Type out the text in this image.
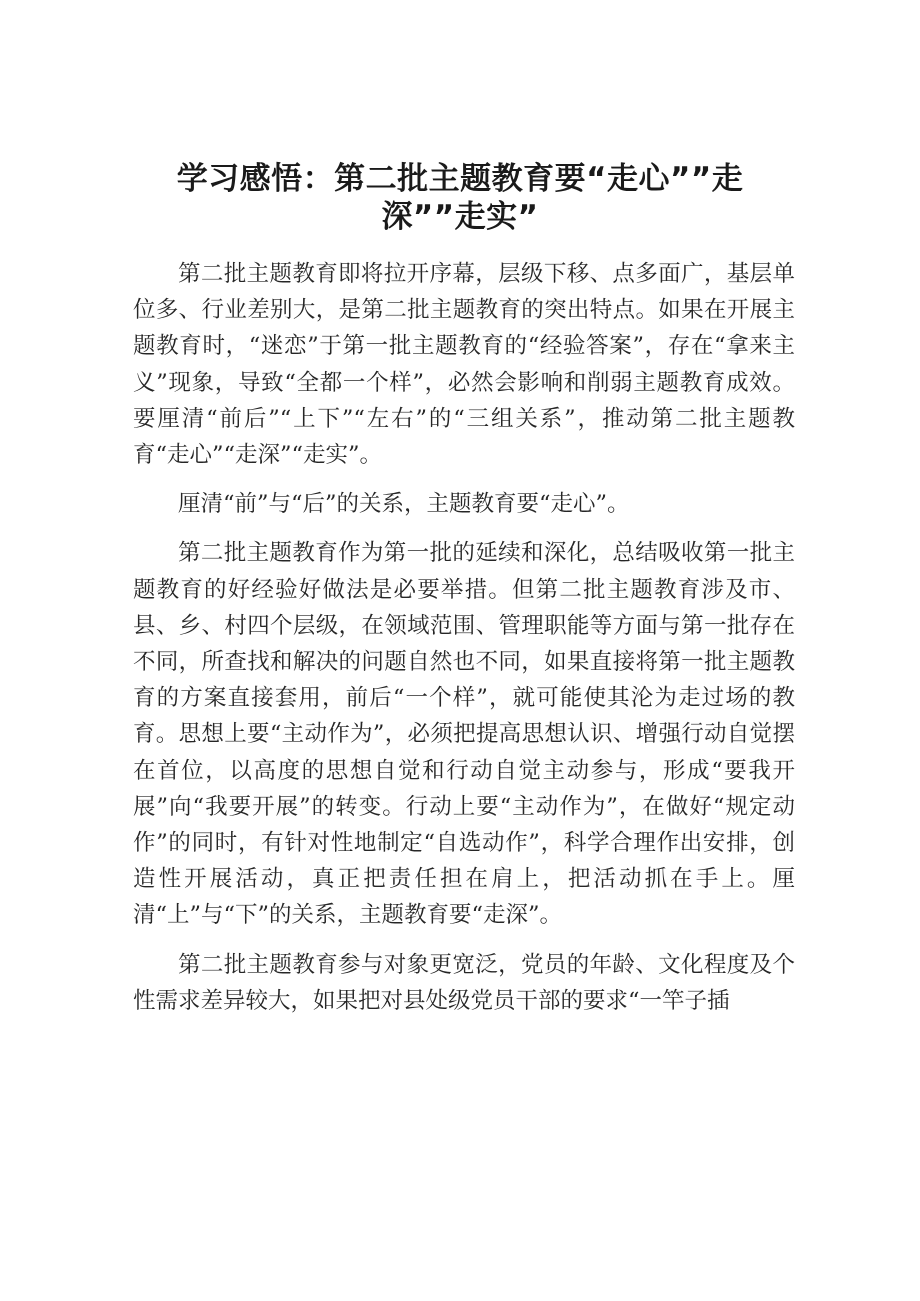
学习感悟：第二批主题教育要“走心””走
深””走实”

第二批主题教育即将拉开序幕，层级下移、点多面广，基层单位多、行业差别大，是第二批主题教育的突出特点。如果在开展主题教育时，“迷恋”于第一批主题教育的“经验答案”，存在“拿来主义”现象，导致“全都一个样”，必然会影响和削弱主题教育成效。要厘清“前后”“上下”“左右”的“三组关系”，推动第二批主题教育“走心”“走深”“走实”。

厘清“前”与“后”的关系，主题教育要“走心”。

第二批主题教育作为第一批的延续和深化，总结吸收第一批主题教育的好经验好做法是必要举措。但第二批主题教育涉及市、县、乡、村四个层级，在领域范围、管理职能等方面与第一批存在不同，所查找和解决的问题自然也不同，如果直接将第一批主题教育的方案直接套用，前后“一个样”，就可能使其沦为走过场的教育。思想上要“主动作为”，必须把提高思想认识、增强行动自觉摆在首位，以高度的思想自觉和行动自觉主动参与，形成“要我开展”向“我要开展”的转变。行动上要“主动作为”，在做好“规定动作”的同时，有针对性地制定“自选动作”，科学合理作出安排，创造性开展活动，真正把责任担在肩上，把活动抓在手上。厘清“上”与“下”的关系，主题教育要“走深”。

第二批主题教育参与对象更宽泛，党员的年龄、文化程度及个性需求差异较大，如果把对县处级党员干部的要求“一竿子插
